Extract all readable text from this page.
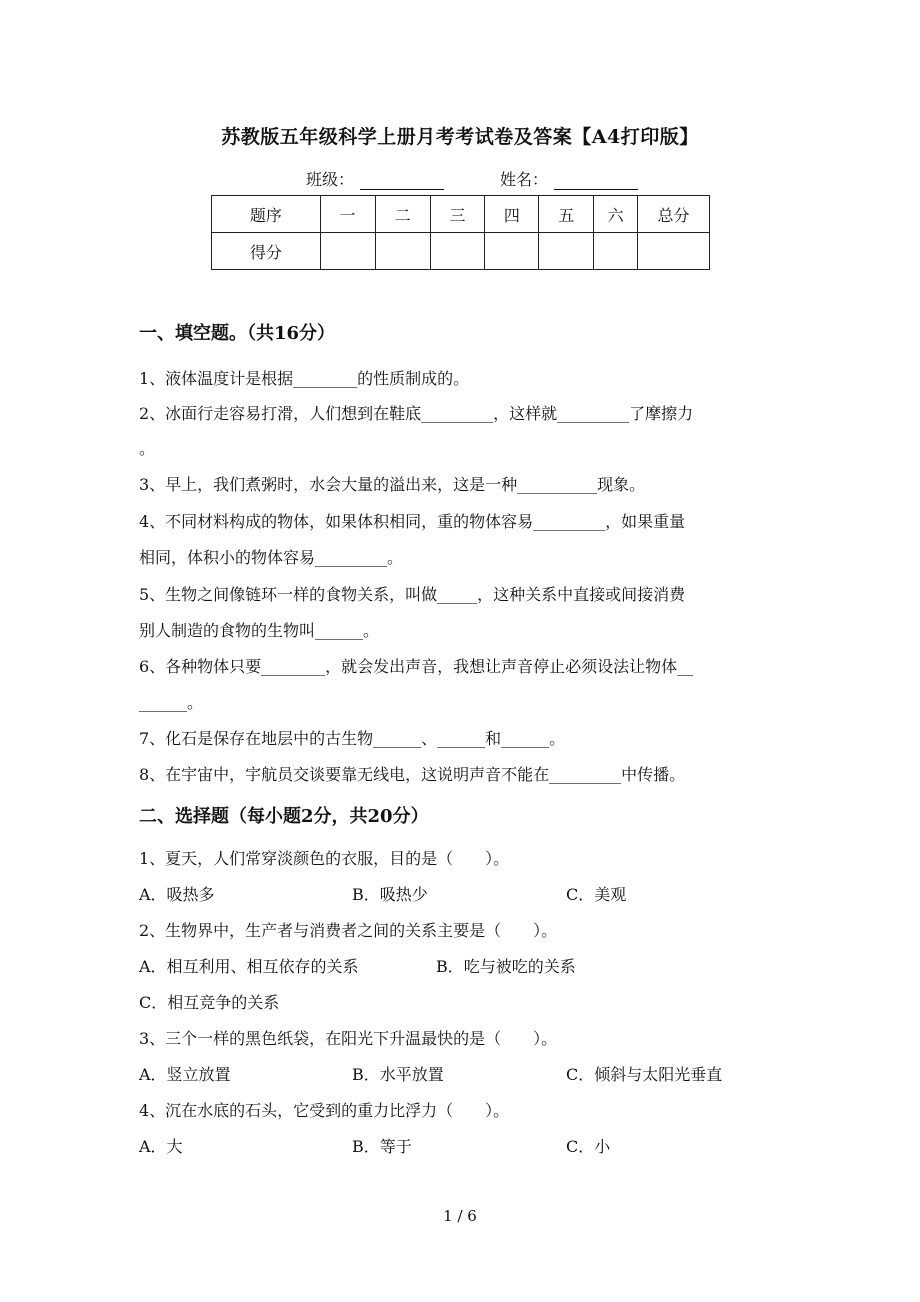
苏教版五年级科学上册月考考试卷及答案【A4打印版】
班级：	姓名：
题序	一	二	三	四	五	六	总分
得分							
一、填空题。（共16分）
1、液体温度计是根据________的性质制成的。
2、冰面行走容易打滑，人们想到在鞋底_________，这样就_________了摩擦力
。
3、早上，我们煮粥时，水会大量的溢出来，这是一种__________现象。
4、不同材料构成的物体，如果体积相同，重的物体容易_________，如果重量
相同，体积小的物体容易_________。
5、生物之间像链环一样的食物关系，叫做_____，这种关系中直接或间接消费
别人制造的食物的生物叫______。
6、各种物体只要________，就会发出声音，我想让声音停止必须设法让物体__
______。
7、化石是保存在地层中的古生物______、______和______。
8、在宇宙中，宇航员交谈要靠无线电，这说明声音不能在_________中传播。
二、选择题（每小题2分，共20分）
1、夏天，人们常穿淡颜色的衣服，目的是（　　）。
A．吸热多	B．吸热少	C．美观
2、生物界中，生产者与消费者之间的关系主要是（　　）。
A．相互利用、相互依存的关系	B．吃与被吃的关系
C．相互竞争的关系
3、三个一样的黑色纸袋，在阳光下升温最快的是（　　）。
A．竖立放置	B．水平放置	C．倾斜与太阳光垂直
4、沉在水底的石头，它受到的重力比浮力（　　）。
A．大	B．等于	C．小
1 / 6
